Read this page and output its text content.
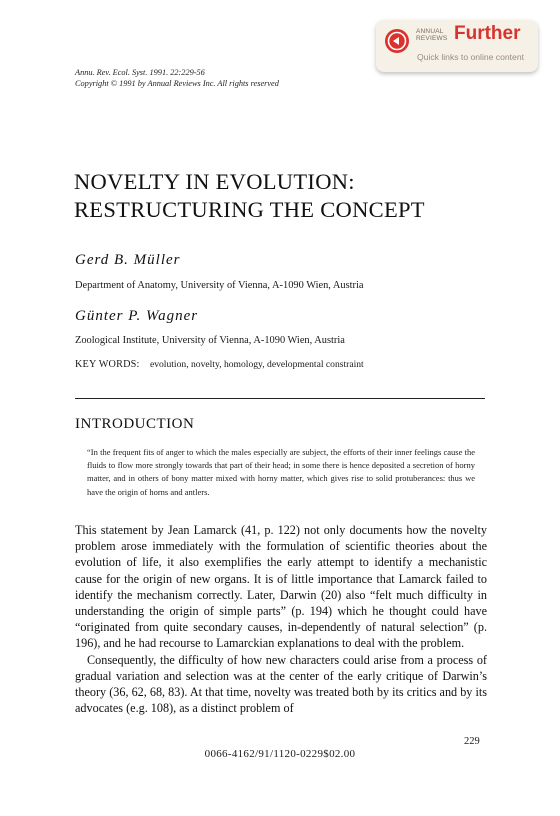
ANNUAL
REVIEWS Further
Quick links to online content
Annu. Rev. Ecol. Syst. 1991. 22:229-56
Copyright © 1991 by Annual Reviews Inc. All rights reserved
NOVELTY IN EVOLUTION:
RESTRUCTURING THE CONCEPT
Gerd B. Müller
Department of Anatomy, University of Vienna, A-1090 Wien, Austria
Günter P. Wagner
Zoological Institute, University of Vienna, A-1090 Wien, Austria
KEY WORDS: evolution, novelty, homology, developmental constraint
INTRODUCTION

“In the frequent fits of anger to which the males especially are subject, the efforts of their inner feelings cause the fluids to flow more strongly towards that part of their head; in some there is hence deposited a secretion of horny matter, and in others of bony matter mixed with horny matter, which gives rise to solid protuberances: thus we have the origin of horns and antlers.

This statement by Jean Lamarck (41, p. 122) not only documents how the novelty problem arose immediately with the formulation of scientific theories about the evolution of life, it also exemplifies the early attempt to identify a mechanistic cause for the origin of new organs. It is of little importance that Lamarck failed to identify the mechanism correctly. Later, Darwin (20) also “felt much difficulty in understanding the origin of simple parts” (p. 194) which he thought could have “originated from quite secondary causes, in-dependently of natural selection” (p. 196), and he had recourse to Lamarckian explanations to deal with the problem.

Consequently, the difficulty of how new characters could arise from a process of gradual variation and selection was at the center of the early critique of Darwin’s theory (36, 62, 68, 83). At that time, novelty was treated both by its critics and by its advocates (e.g. 108), as a distinct problem of

229
0066-4162/91/1120-0229$02.00
